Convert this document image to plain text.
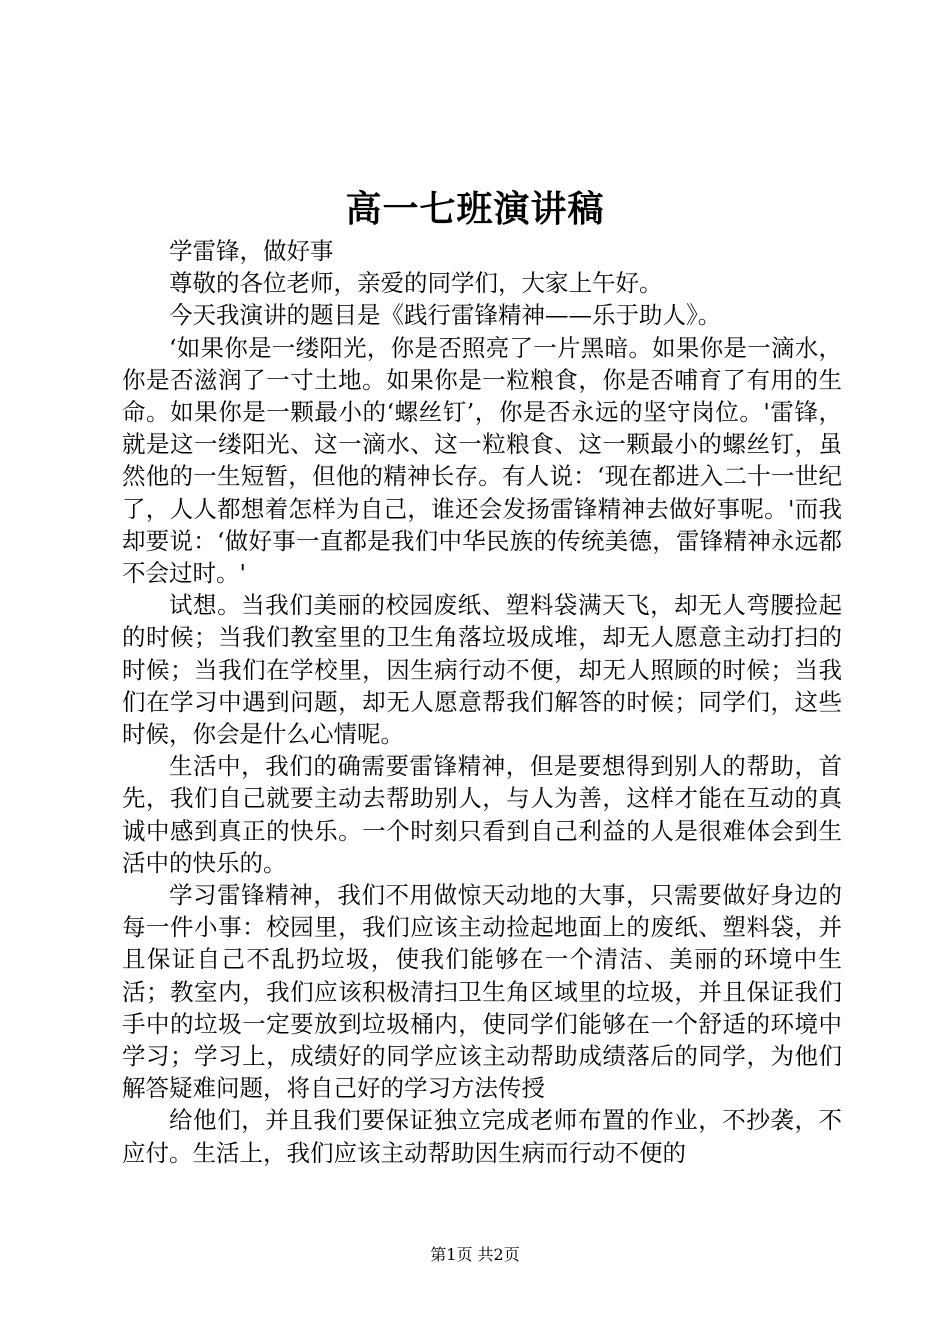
高一七班演讲稿

学雷锋，做好事

尊敬的各位老师，亲爱的同学们，大家上午好。

今天我演讲的题目是《践行雷锋精神——乐于助人》。

‘如果你是一缕阳光，你是否照亮了一片黑暗。如果你是一滴水，你是否滋润了一寸土地。如果你是一粒粮食，你是否哺育了有用的生命。如果你是一颗最小的‘螺丝钉’，你是否永远的坚守岗位。'雷锋，就是这一缕阳光、这一滴水、这一粒粮食、这一颗最小的螺丝钉，虽然他的一生短暂，但他的精神长存。有人说：‘现在都进入二十一世纪了，人人都想着怎样为自己，谁还会发扬雷锋精神去做好事呢。'而我却要说：‘做好事一直都是我们中华民族的传统美德，雷锋精神永远都不会过时。'

试想。当我们美丽的校园废纸、塑料袋满天飞，却无人弯腰捡起的时候；当我们教室里的卫生角落垃圾成堆，却无人愿意主动打扫的时候；当我们在学校里，因生病行动不便，却无人照顾的时候；当我们在学习中遇到问题，却无人愿意帮我们解答的时候；同学们，这些时候，你会是什么心情呢。

生活中，我们的确需要雷锋精神，但是要想得到别人的帮助，首先，我们自己就要主动去帮助别人，与人为善，这样才能在互动的真诚中感到真正的快乐。一个时刻只看到自己利益的人是很难体会到生活中的快乐的。

学习雷锋精神，我们不用做惊天动地的大事，只需要做好身边的每一件小事：校园里，我们应该主动捡起地面上的废纸、塑料袋，并且保证自己不乱扔垃圾，使我们能够在一个清洁、美丽的环境中生活；教室内，我们应该积极清扫卫生角区域里的垃圾，并且保证我们手中的垃圾一定要放到垃圾桶内，使同学们能够在一个舒适的环境中学习；学习上，成绩好的同学应该主动帮助成绩落后的同学，为他们解答疑难问题，将自己好的学习方法传授

给他们，并且我们要保证独立完成老师布置的作业，不抄袭，不应付。生活上，我们应该主动帮助因生病而行动不便的

第1页 共2页
